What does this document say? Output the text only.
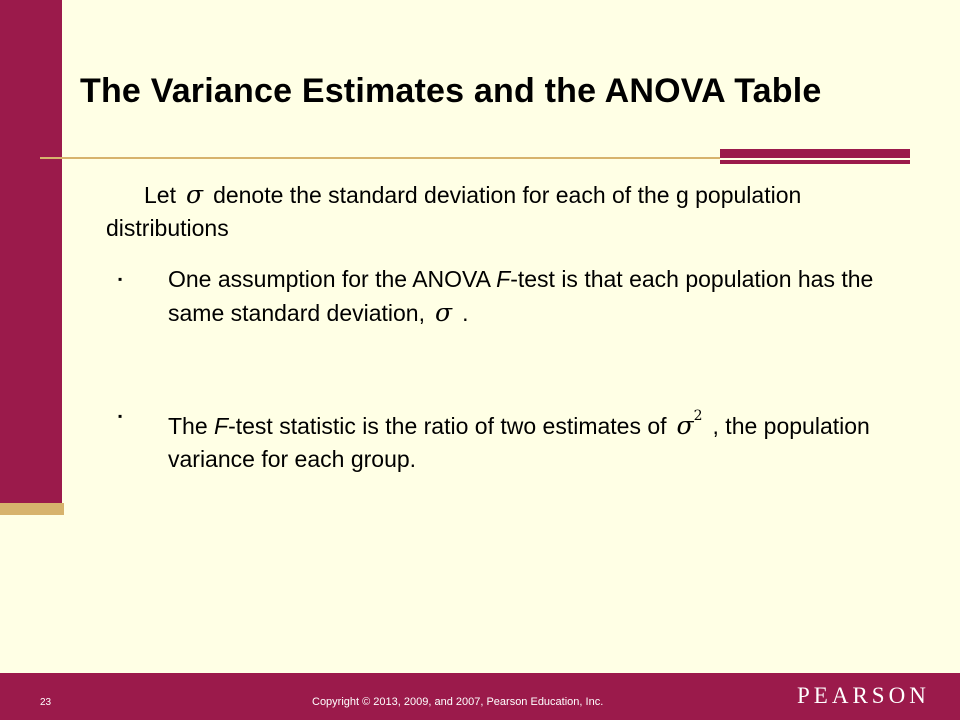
The Variance Estimates and the ANOVA Table
Let σ denote the standard deviation for each of the g population distributions
▪ One assumption for the ANOVA F-test is that each population has the same standard deviation, σ .
▪ The F-test statistic is the ratio of two estimates of $\sigma^2$ , the population variance for each group.
23	Copyright © 2013, 2009, and 2007, Pearson Education, Inc.	PEARSON
